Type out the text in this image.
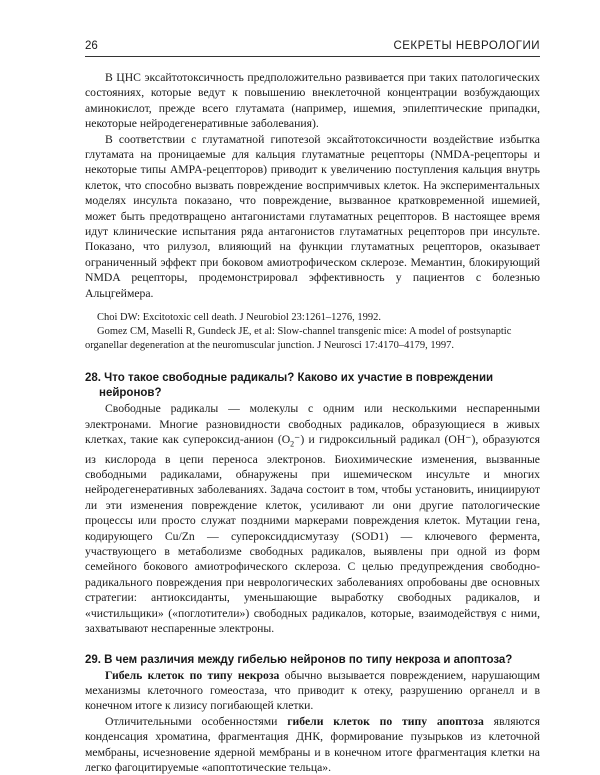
26	СЕКРЕТЫ НЕВРОЛОГИИ

В ЦНС эксайтотоксичность предположительно развивается при таких патологических состояниях, которые ведут к повышению внеклеточной концентрации возбуждающих аминокислот, прежде всего глутамата (например, ишемия, эпилептические припадки, некоторые нейродегенеративные заболевания).

В соответствии с глутаматной гипотезой эксайтотоксичности воздействие избытка глутамата на проницаемые для кальция глутаматные рецепторы (NMDA-рецепторы и некоторые типы AMPA-рецепторов) приводит к увеличению поступления кальция внутрь клеток, что способно вызвать повреждение воспримчивых клеток. На экспериментальных моделях инсульта показано, что повреждение, вызванное кратковременной ишемией, может быть предотвращено антагонистами глутаматных рецепторов. В настоящее время идут клинические испытания ряда антагонистов глутаматных рецепторов при инсульте. Показано, что рилузол, влияющий на функции глутаматных рецепторов, оказывает ограниченный эффект при боковом амиотрофическом склерозе. Мемантин, блокирующий NMDA рецепторы, продемонстрировал эффективность у пациентов с болезнью Альцгеймера.

Choi DW: Excitotoxic cell death. J Neurobiol 23:1261–1276, 1992.

Gomez CM, Maselli R, Gundeck JE, et al: Slow-channel transgenic mice: A model of postsynaptic organellar degeneration at the neuromuscular junction. J Neurosci 17:4170–4179, 1997.

28. Что такое свободные радикалы? Каково их участие в повреждении нейронов?

Свободные радикалы — молекулы с одним или несколькими неспаренными электронами. Многие разновидности свободных радикалов, образующиеся в живых клетках, такие как супероксид-анион $(O_2^-)$ и гидроксильный радикал (OH⁻), образуются из кислорода в цепи переноса электронов. Биохимические изменения, вызванные свободными радикалами, обнаружены при ишемическом инсульте и многих нейродегенеративных заболеваниях. Задача состоит в том, чтобы установить, инициируют ли эти изменения повреждение клеток, усиливают ли они другие патологические процессы или просто служат поздними маркерами повреждения клеток. Мутации гена, кодирующего Cu/Zn — супероксиддисмутазу (SOD1) — ключевого фермента, участвующего в метаболизме свободных радикалов, выявлены при одной из форм семейного бокового амиотрофического склероза. С целью предупреждения свободно-радикального повреждения при неврологических заболеваниях опробованы две основных стратегии: антиоксиданты, уменьшающие выработку свободных радикалов, и «чистильщики» («поглотители») свободных радикалов, которые, взаимодействуя с ними, захватывают неспаренные электроны.

29. В чем различия между гибелью нейронов по типу некроза и апоптоза?

Гибель клеток по типу некроза обычно вызывается повреждением, нарушающим механизмы клеточного гомеостаза, что приводит к отеку, разрушению органелл и в конечном итоге к лизису погибающей клетки.

Отличительными особенностями гибели клеток по типу апоптоза являются конденсация хроматина, фрагментация ДНК, формирование пузырьков из клеточной мембраны, исчезновение ядерной мембраны и в конечном итоге фрагментация клетки на легко фагоцитируемые «апоптотические тельца».
